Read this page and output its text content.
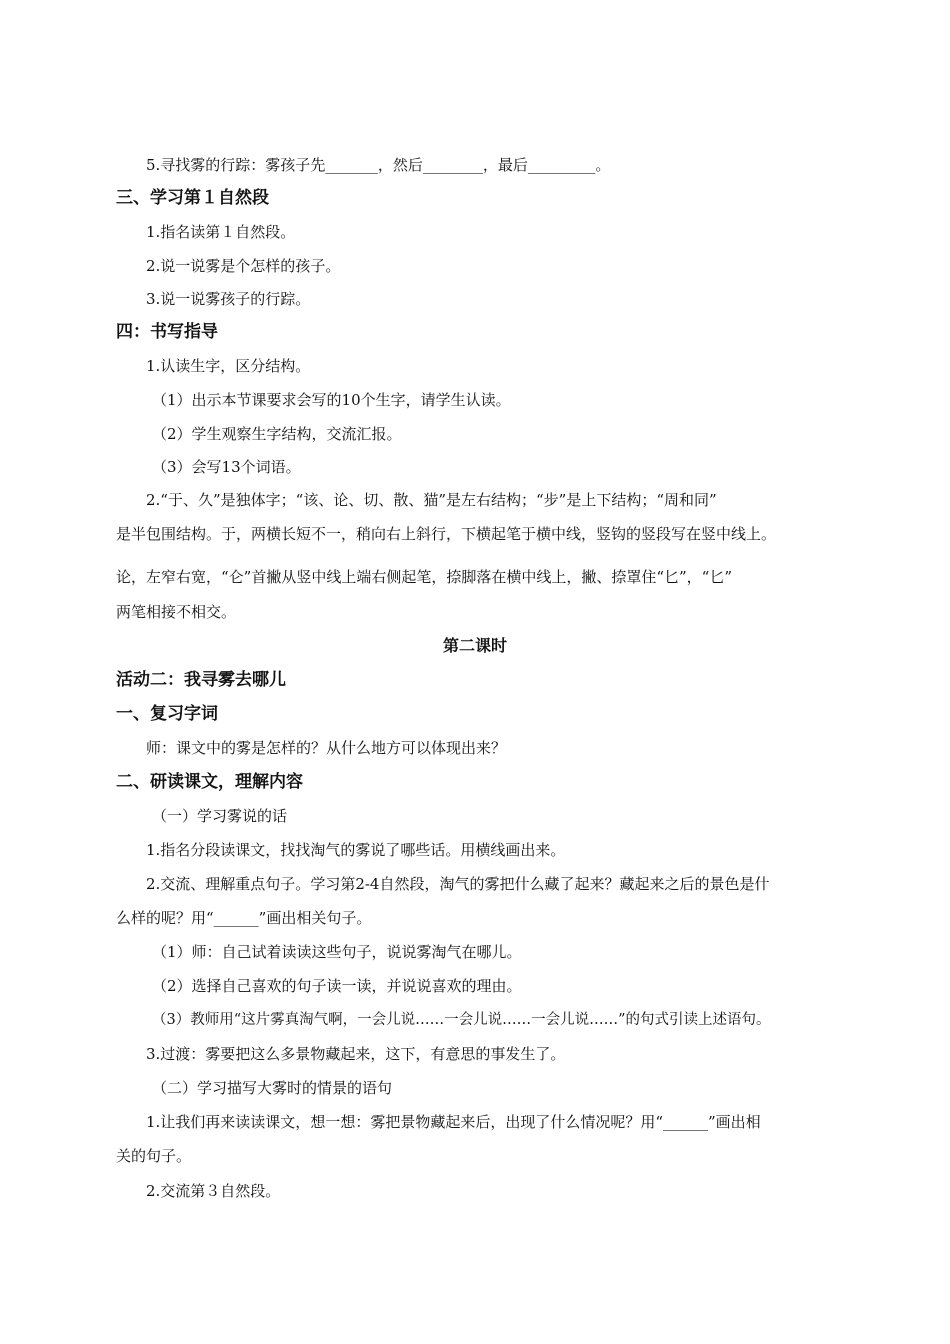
5.寻找雾的行踪：雾孩子先_______，然后________，最后_________。
三、学习第１自然段
1.指名读第１自然段。
2.说一说雾是个怎样的孩子。
3.说一说雾孩子的行踪。
四：书写指导
1.认读生字，区分结构。
（1）出示本节课要求会写的10个生字，请学生认读。
（2）学生观察生字结构，交流汇报。
（3）会写13个词语。
2.“于、久”是独体字；“该、论、切、散、猫”是左右结构；“步”是上下结构；“周和同”
是半包围结构。于，两横长短不一，稍向右上斜行，下横起笔于横中线，竖钩的竖段写在竖中线上。
论，左窄右宽，“仑”首撇从竖中线上端右侧起笔，捺脚落在横中线上，撇、捺罩住“匕”，“匕”
两笔相接不相交。
第二课时
活动二：我寻雾去哪儿
一、复习字词
师：课文中的雾是怎样的？从什么地方可以体现出来？
二、研读课文，理解内容
（一）学习雾说的话
1.指名分段读课文，找找淘气的雾说了哪些话。用横线画出来。
2.交流、理解重点句子。学习第2-4自然段，淘气的雾把什么藏了起来？藏起来之后的景色是什
么样的呢？用“______”画出相关句子。
（1）师：自己试着读读这些句子，说说雾淘气在哪儿。
（2）选择自己喜欢的句子读一读，并说说喜欢的理由。
（3）教师用“这片雾真淘气啊，一会儿说……一会儿说……一会儿说……”的句式引读上述语句。
3.过渡：雾要把这么多景物藏起来，这下，有意思的事发生了。
（二）学习描写大雾时的情景的语句
1.让我们再来读读课文，想一想：雾把景物藏起来后，出现了什么情况呢？用“______”画出相
关的句子。
2.交流第３自然段。
